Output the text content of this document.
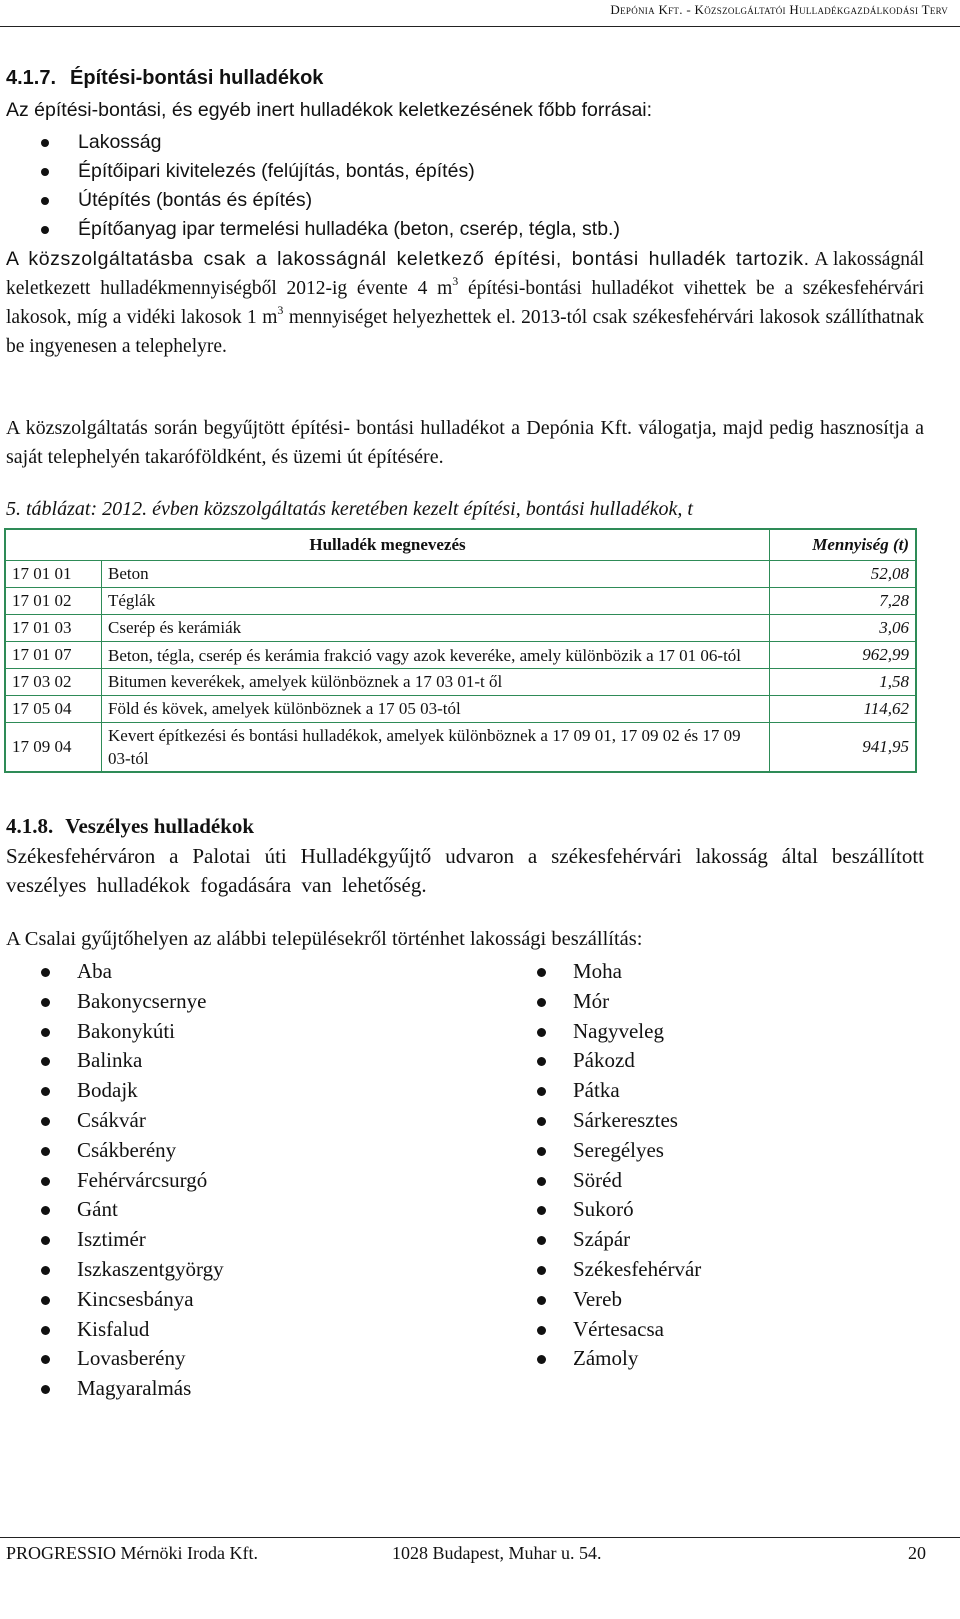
Depónia Kft. - Közszolgáltatói Hulladékgazdálkodási Terv
4.1.7. Építési-bontási hulladékok
Az építési-bontási, és egyéb inert hulladékok keletkezésének főbb forrásai:
Lakosság
Építőipari kivitelezés (felújítás, bontás, építés)
Útépítés (bontás és építés)
Építőanyag ipar termelési hulladéka (beton, cserép, tégla, stb.)
A közszolgáltatásba csak a lakosságnál keletkező építési, bontási hulladék tartozik. A lakosságnál keletkezett hulladékmennyiségből 2012-ig évente 4 $m^3$ építési-bontási hulladékot vihettek be a székesfehérvári lakosok, míg a vidéki lakosok 1 $m^3$ mennyiséget helyezhettek el. 2013-tól csak székesfehérvári lakosok szállíthatnak be ingyenesen a telephelyre.
A közszolgáltatás során begyűjtött építési- bontási hulladékot a Depónia Kft. válogatja, majd pedig hasznosítja a saját telephelyén takaróföldként, és üzemi út építésére.
5. táblázat: 2012. évben közszolgáltatás keretében kezelt építési, bontási hulladékok, t
Hulladék megnevezés		Mennyiség (t)
17 01 01	Beton	52,08
17 01 02	Téglák	7,28
17 01 03	Cserép és kerámiák	3,06
17 01 07	Beton, tégla, cserép és kerámia frakció vagy azok keveréke, amely különbözik a 17 01 06-tól	962,99
17 03 02	Bitumen keverékek, amelyek különböznek a 17 03 01-t ől	1,58
17 05 04	Föld és kövek, amelyek különböznek a 17 05 03-tól	114,62
17 09 04	Kevert építkezési és bontási hulladékok, amelyek különböznek a 17 09 01, 17 09 02 és 17 09 03-tól	941,95
4.1.8. Veszélyes hulladékok
Székesfehérváron a Palotai úti Hulladékgyűjtő udvaron a székesfehérvári lakosság által beszállított veszélyes hulladékok fogadására van lehetőség.
A Csalai gyűjtőhelyen az alábbi településekről történhet lakossági beszállítás:
Aba
Bakonycsernye
Bakonykúti
Balinka
Bodajk
Csákvár
Csákberény
Fehérvárcsurgó
Gánt
Isztimér
Iszkaszentgyörgy
Kincsesbánya
Kisfalud
Lovasberény
Magyaralmás
Moha
Mór
Nagyveleg
Pákozd
Pátka
Sárkeresztes
Seregélyes
Söréd
Sukoró
Szápár
Székesfehérvár
Vereb
Vértesacsa
Zámoly
PROGRESSIO Mérnöki Iroda Kft.	1028 Budapest, Muhar u. 54.	20
